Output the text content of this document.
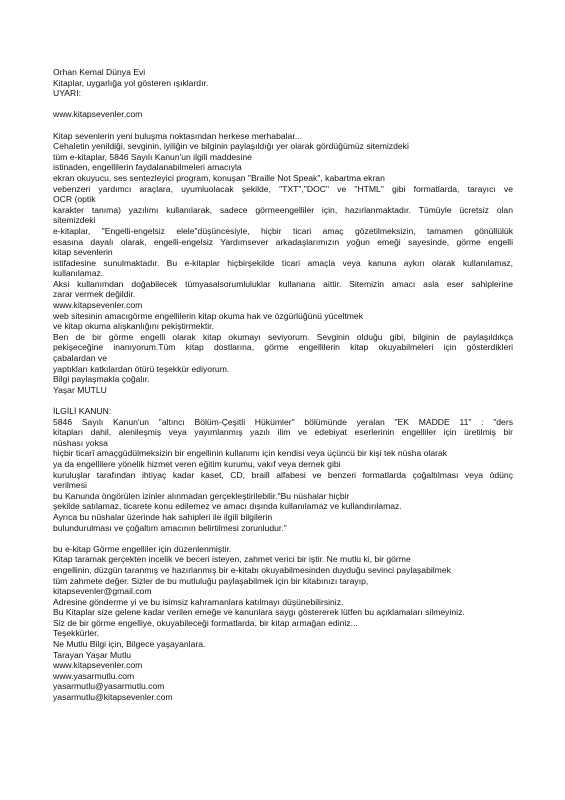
Orhan Kemal Dünya Evi
Kitaplar, uygarlığa yol gösteren ışıklardır.
UYARI:
www.kitapsevenler.com
Kitap sevenlerin yeni buluşma noktasından herkese merhabalar...
Cehaletin yenildiği, sevginin, iyiliğin ve bilginin paylaşıldığı yer olarak gördüğümüz sitemizdeki
tüm e-kitaplar, 5846 Sayılı Kanun'un ilgili maddesine
istinaden, engellilerin faydalanabilmeleri amacıyla
ekran okuyucu, ses sentezleyici program, konuşan "Braille Not Speak", kabartma ekran
vebenzeri yardımcı araçlara, uyumluolacak şekilde, "TXT","DOC" ve "HTML" gibi formatlarda, tarayıcı ve
OCR (optik
karakter tanıma) yazılımı kullanılarak, sadece görmeengelliler için, hazırlanmaktadır. Tümüyle ücretsiz olan
sitemizdeki
e-kitaplar, "Engelli-engelsiz elele"düşüncesiyle, hiçbir ticari amaç gözetilmeksizin, tamamen gönüllülük
esasına dayalı olarak, engelli-engelsiz Yardımsever arkadaşlarımızın yoğun emeği sayesinde, görme engelli
kitap sevenlerin
istifadesine sunulmaktadır. Bu e-kitaplar hiçbirşekilde ticari amaçla veya kanuna aykırı olarak kullanılamaz,
kullanılamaz.
Aksi kullanımdan doğabilecek tümyasalsorumluluklar kullanana aittir. Sitemizin amacı asla eser sahiplerine
zarar vermek değildir.
www.kitapsevenler.com
web sitesinin amacıgörme engellilerin kitap okuma hak ve özgürlüğünü yüceltmek
ve kitap okuma alışkanlığını pekiştirmektir.
Ben de bir görme engelli olarak kitap okumayı seviyorum. Sevginin olduğu gibi, bilginin de paylaşıldıkça
pekişeceğine inanıyorum.Tüm kitap dostlarına, görme engellilerin kitap okuyabilmeleri için gösterdikleri
çabalardan ve
yaptıkları katkılardan ötürü teşekkür ediyorum.
Bilgi paylaşmakla çoğalır.
Yaşar MUTLU
İLGİLİ KANUN:
5846 Sayılı Kanun'un "altıncı Bölüm-Çeşitli Hükümler" bölümünde yeralan "EK MADDE 11" : "ders
kitapları dahil, alenileşmiş veya yayımlanmış yazılı ilim ve edebiyat eserlerinin engelliler için üretilmiş bir
nüshası yoksa
hiçbir ticarî amaçgüdülmeksizin bir engellinin kullanımı için kendisi veya üçüncü bir kişi tek nüsha olarak
ya da engellilere yönelik hizmet veren eğitim kurumu, vakıf veya dernek gibi
kuruluşlar tarafından ihtiyaç kadar kaset, CD, braill alfabesi ve benzeri formatlarda çoğaltılması veya ödünç
verilmesi
bu Kanunda öngörülen izinler alınmadan gerçekleştirilebilir."Bu nüshalar hiçbir
şekilde satılamaz, ticarete konu edilemez ve amacı dışında kullanılamaz ve kullandırılamaz.
Ayrıca bu nüshalar üzerinde hak sahipleri ile ilgili bilgilerin
bulundurulması ve çoğaltım amacının belirtilmesi zorunludur."
bu e-kitap Görme engelliler için düzenlenmiştir.
Kitap taramak gerçekten incelik ve beceri isteyen, zahmet verici bir iştir. Ne mutlu ki, bir görme
engellinin, düzgün taranmış ve hazırlanmış bir e-kitabı okuyabilmesinden duyduğu sevinci paylaşabilmek
tüm zahmete değer. Sizler de bu mutluluğu paylaşabilmek için bir kitabınızı tarayıp,
kitapsevenler@gmail.com
Adresine gönderme yi ve bu isimsiz kahramanlara katılmayı düşünebilirsiniz.
Bu Kitaplar size gelene kadar verilen emeğe ve kanunlara saygı göstererek lütfen bu açıklamaları silmeyiniz.
Siz de bir görme engelliye, okuyabileceği formatlarda, bir kitap armağan ediniz...
Teşekkürler.
Ne Mutlu Bilgi için, Bilgece yaşayanlara.
Tarayan Yaşar Mutlu
www.kitapsevenler.com
www.yasarmutlu.com
yasarmutlu@yasarmutlu.com
yasarmutlu@kitapsevenler.com
